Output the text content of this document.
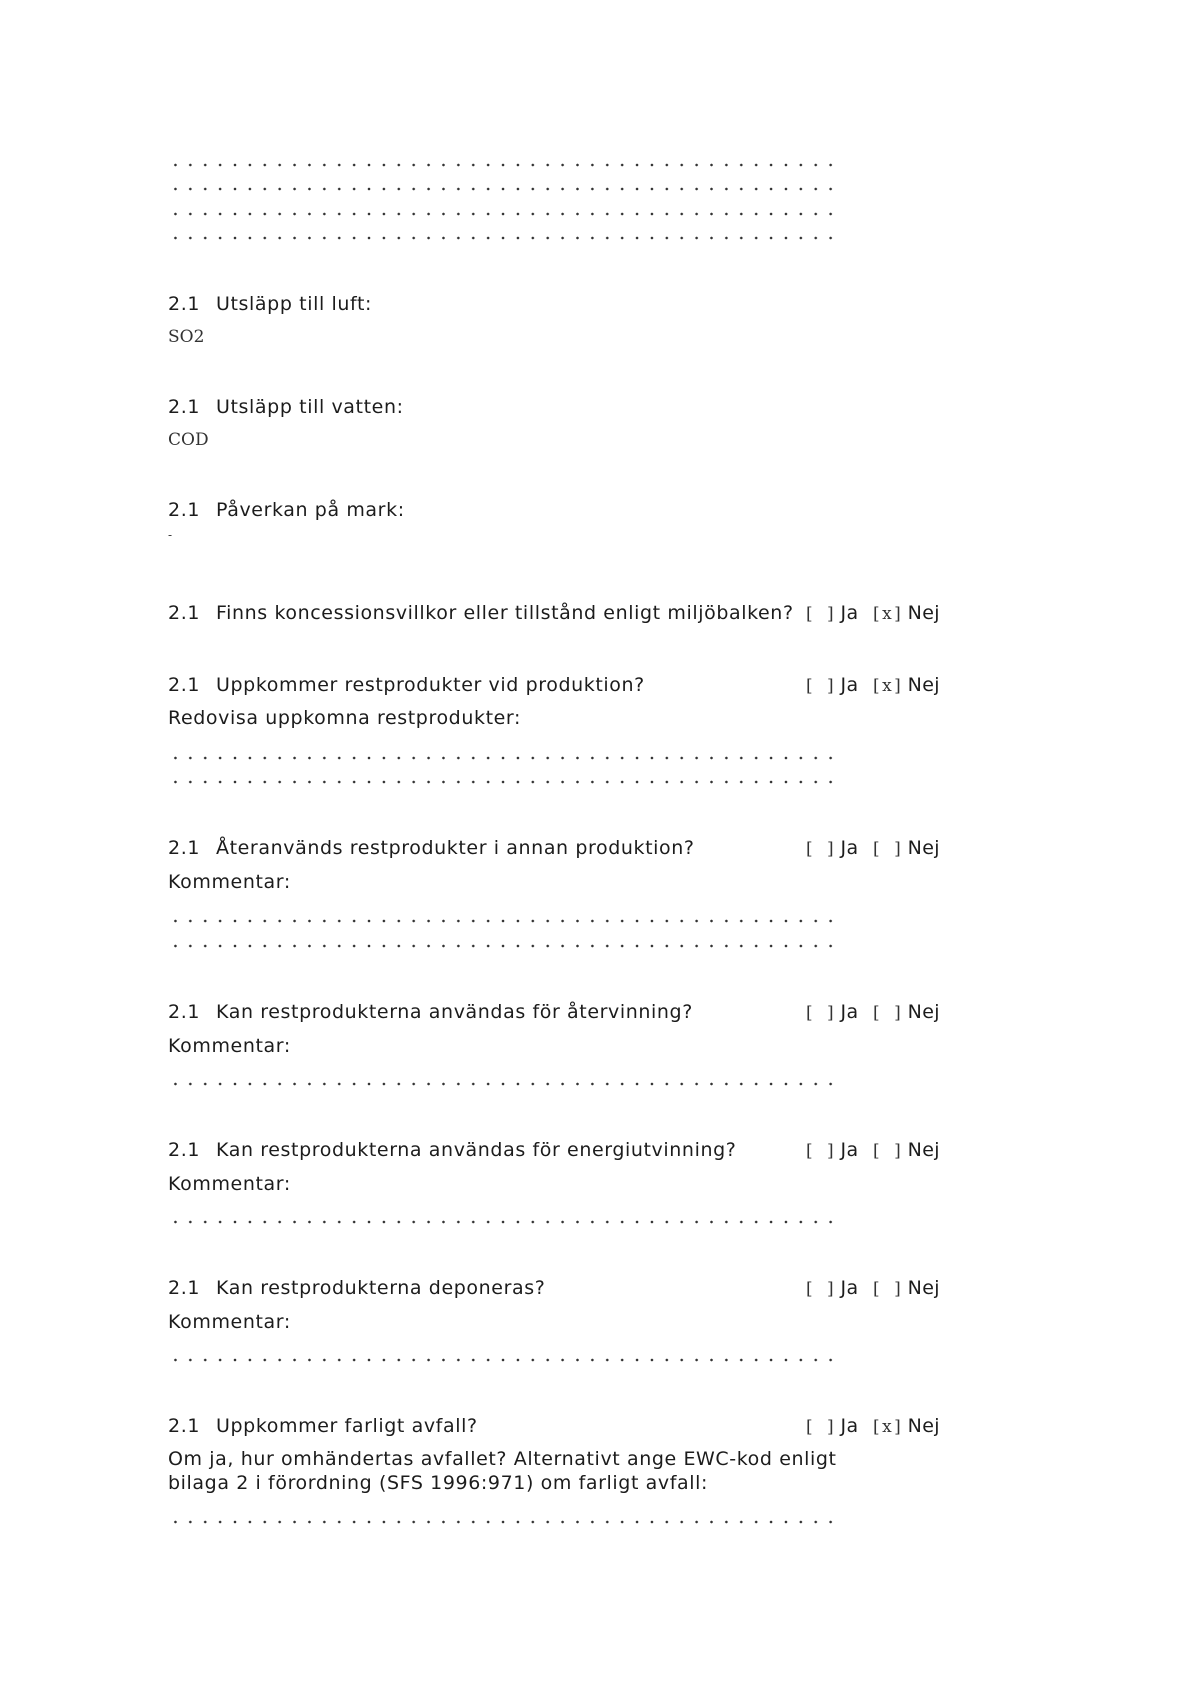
2.1 Utsläpp till luft:
SO2
2.1 Utsläpp till vatten:
COD
2.1 Påverkan på mark:
-
2.1 Finns koncessionsvillkor eller tillstånd enligt miljöbalken? [ ] Ja [ x ] Nej
2.1 Uppkommer restprodukter vid produktion?	[ ] Ja [ x ] Nej
Redovisa uppkomna restprodukter:
2.1 Återanvänds restprodukter i annan produktion?	[ ] Ja [ ] Nej
Kommentar:
2.1 Kan restprodukterna användas för återvinning?	[ ] Ja [ ] Nej
Kommentar:
2.1 Kan restprodukterna användas för energiutvinning?	[ ] Ja [ ] Nej
Kommentar:
2.1 Kan restprodukterna deponeras?	[ ] Ja [ ] Nej
Kommentar:
2.1 Uppkommer farligt avfall?	[ ] Ja [ x ] Nej
Om ja, hur omhändertas avfallet? Alternativt ange EWC-kod enligt
bilaga 2 i förordning (SFS 1996:971) om farligt avfall:
